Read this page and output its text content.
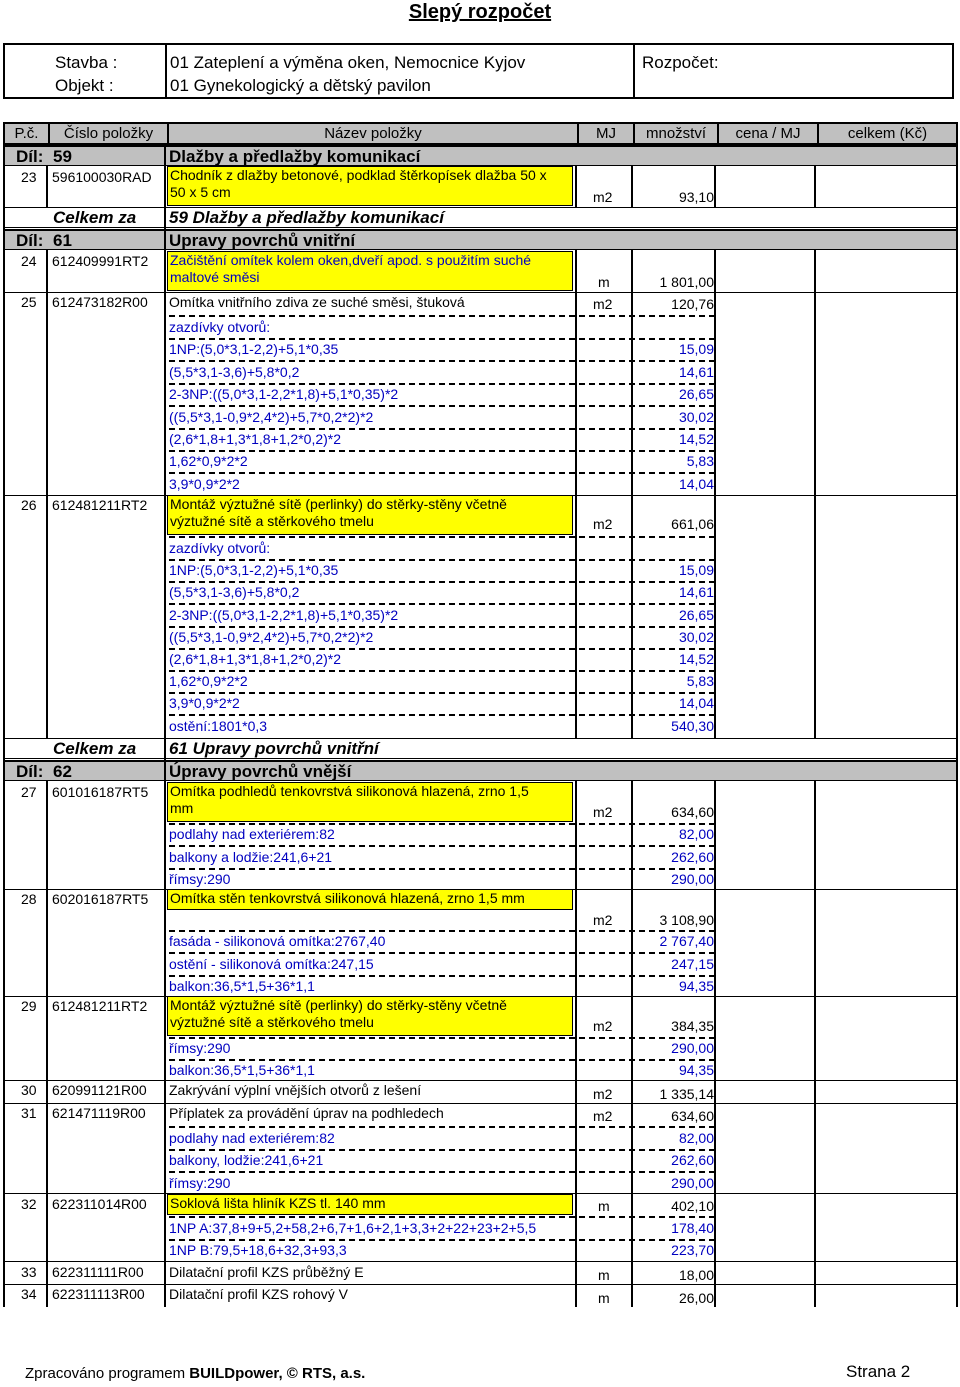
Slepý rozpočet
Stavba :	01 Zateplení a výměna oken, Nemocnice Kyjov
Objekt :	01 Gynekologický a dětský pavilon
Rozpočet:
P.č.	Číslo položky	Název položky	MJ	množství	cena / MJ	celkem (Kč)
Díl: 59	Dlažby a předlažby komunikací
23 596100030RAD Chodník z dlažby betonové, podklad štěrkopísek dlažba 50 x
50 x 5 cm	m2	93,10
Celkem za 59 Dlažby a předlažby komunikací
Díl: 61	Upravy povrchů vnitřní
24 612409991RT2 Začištění omítek kolem oken,dveří apod. s použitím suché
maltové směsi	m	1 801,00
25 612473182R00 Omítka vnitřního zdiva ze suché směsi, štuková	m2	120,76
zazdívky otvorů:
1NP:(5,0*3,1-2,2)+5,1*0,35	15,09
(5,5*3,1-3,6)+5,8*0,2	14,61
2-3NP:((5,0*3,1-2,2*1,8)+5,1*0,35)*2	26,65
((5,5*3,1-0,9*2,4*2)+5,7*0,2*2)*2	30,02
(2,6*1,8+1,3*1,8+1,2*0,2)*2	14,52
1,62*0,9*2*2	5,83
3,9*0,9*2*2	14,04
26 612481211RT2 Montáž výztužné sítě (perlinky) do stěrky-stěny včetně
výztužné sítě a stěrkového tmelu	m2	661,06
zazdívky otvorů:
1NP:(5,0*3,1-2,2)+5,1*0,35	15,09
(5,5*3,1-3,6)+5,8*0,2	14,61
2-3NP:((5,0*3,1-2,2*1,8)+5,1*0,35)*2	26,65
((5,5*3,1-0,9*2,4*2)+5,7*0,2*2)*2	30,02
(2,6*1,8+1,3*1,8+1,2*0,2)*2	14,52
1,62*0,9*2*2	5,83
3,9*0,9*2*2	14,04
ostění:1801*0,3	540,30
Celkem za 61 Upravy povrchů vnitřní
Díl: 62	Úpravy povrchů vnější
27 601016187RT5 Omítka podhledů tenkovrstvá silikonová hlazená, zrno 1,5
mm	m2	634,60
podlahy nad exteriérem:82	82,00
balkony a lodžie:241,6+21	262,60
římsy:290	290,00
28 602016187RT5 Omítka stěn tenkovrstvá silikonová hlazená, zrno 1,5 mm
m2	3 108,90
fasáda - silikonová omítka:2767,40	2 767,40
ostění - silikonová omítka:247,15	247,15
balkon:36,5*1,5+36*1,1	94,35
29 612481211RT2 Montáž výztužné sítě (perlinky) do stěrky-stěny včetně
výztužné sítě a stěrkového tmelu	m2	384,35
římsy:290	290,00
balkon:36,5*1,5+36*1,1	94,35
30 620991121R00 Zakrývání výplní vnějších otvorů z lešení	m2	1 335,14
31 621471119R00 Příplatek za provádění úprav na podhledech	m2	634,60
podlahy nad exteriérem:82	82,00
balkony, lodžie:241,6+21	262,60
římsy:290	290,00
32 622311014R00 Soklová lišta hliník KZS tl. 140 mm	m	402,10
1NP A:37,8+9+5,2+58,2+6,7+1,6+2,1+3,3+2+22+23+2+5,5	178,40
1NP B:79,5+18,6+32,3+93,3	223,70
33 622311111R00 Dilatační profil KZS průběžný E	m	18,00
34 622311113R00 Dilatační profil KZS rohový V	m	26,00
Zpracováno programem BUILDpower, © RTS, a.s.	Strana 2
